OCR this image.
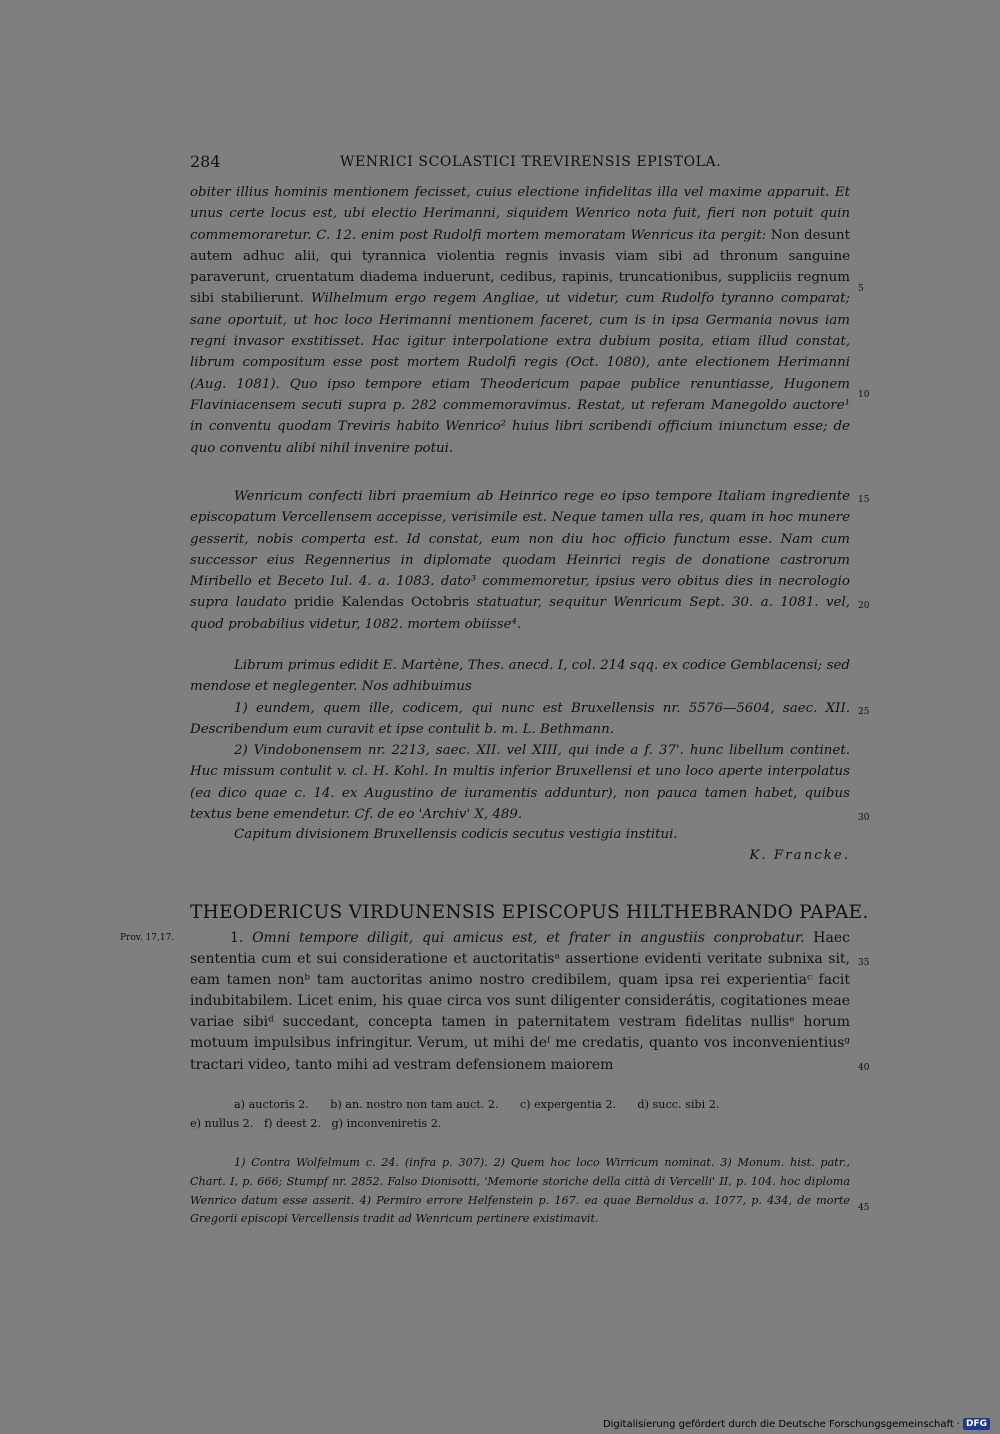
284	WENRICI SCOLASTICI TREVIRENSIS EPISTOLA.
obiter illius hominis mentionem fecisset, cuius electione infidelitas illa vel maxime apparuit. Et unus certe locus est, ubi electio Herimanni, siquidem Wenrico nota fuit, fieri non potuit quin commemoraretur. C. 12. enim post Rudolfi mortem memoratam Wenricus ita pergit: Non desunt autem adhuc alii, qui tyrannica violentia regnis invasis viam sibi ad thronum sanguine paraverunt, cruentatum diadema induerunt, cedibus, rapinis, truncationibus, suppliciis regnum sibi stabilierunt. Wilhelmum ergo regem Angliae, ut videtur, cum Rudolfo tyranno comparat; sane oportuit, ut hoc loco Herimanni mentionem faceret, cum is in ipsa Germania novus iam regni invasor exstitisset. Hac igitur interpolatione extra dubium posita, etiam illud constat, librum compositum esse post mortem Rudolfi regis (Oct. 1080), ante electionem Herimanni (Aug. 1081). Quo ipso tempore etiam Theodericum papae publice renuntiasse, Hugonem Flaviniacensem secuti supra p. 282 commemoravimus. Restat, ut referam Manegoldo auctore¹ in conventu quodam Treviris habito Wenrico² huius libri scribendi officium iniunctum esse; de quo conventu alibi nihil invenire potui.
Wenricum confecti libri praemium ab Heinrico rege eo ipso tempore Italiam ingrediente episcopatum Vercellensem accepisse, verisimile est. Neque tamen ulla res, quam in hoc munere gesserit, nobis comperta est. Id constat, eum non diu hoc officio functum esse. Nam cum successor eius Regennerius in diplomate quodam Heinrici regis de donatione castrorum Miribello et Beceto Iul. 4. a. 1083. dato³ commemoretur, ipsius vero obitus dies in necrologio supra laudato pridie Kalendas Octobris statuatur, sequitur Wenricum Sept. 30. a. 1081. vel, quod probabilius videtur, 1082. mortem obiisse⁴.
Librum primus edidit E. Martène, Thes. anecd. I, col. 214 sqq. ex codice Gemblacensi; sed mendose et neglegenter. Nos adhibuimus
1) eundem, quem ille, codicem, qui nunc est Bruxellensis nr. 5576—5604, saec. XII. Describendum eum curavit et ipse contulit b. m. L. Bethmann.
2) Vindobonensem nr. 2213, saec. XII. vel XIII, qui inde a f. 37'. hunc libellum continet. Huc missum contulit v. cl. H. Kohl. In multis inferior Bruxellensi et uno loco aperte interpolatus (ea dico quae c. 14. ex Augustino de iuramentis adduntur), non pauca tamen habet, quibus textus bene emendetur. Cf. de eo 'Archiv' X, 489.
Capitum divisionem Bruxellensis codicis secutus vestigia institui.
K. Francke.
THEODERICUS VIRDUNENSIS EPISCOPUS HILTHEBRANDO PAPAE.
Prov. 17,17.	1. Omni tempore diligit, qui amicus est, et frater in angustiis conprobatur. Haec sententia cum et sui consideratione et auctoritatisᵃ assertione evidenti veritate subnixa sit, eam tamen nonᵇ tam auctoritas animo nostro credibilem, quam ipsa rei experientiaᶜ facit indubitabilem. Licet enim, his quae circa vos sunt diligenter considerátis, cogitationes meae variae sibiᵈ succedant, concepta tamen in paternitatem vestram fidelitas nullisᵉ horum motuum impulsibus infringitur. Verum, ut mihi deᶠ me credatis, quanto vos inconvenientiusᵍ tractari video, tanto mihi ad vestram defensionem maiorem
a) auctoris 2.      b) an. nostro non tam auct. 2.      c) expergentia 2.      d) succ. sibi 2.
e) nullus 2.   f) deest 2.   g) inconveniretis 2.
1) Contra Wolfelmum c. 24. (infra p. 307). 2) Quem hoc loco Wirricum nominat. 3) Monum. hist. patr., Chart. I, p. 666; Stumpf nr. 2852. Falso Dionisotti, 'Memorie storiche della città di Vercelli' II, p. 104. hoc diploma Wenrico datum esse asserit. 4) Permiro errore Helfenstein p. 167. ea quae Bernoldus a. 1077, p. 434, de morte Gregorii episcopi Vercellensis tradit ad Wenricum pertinere existimavit.
5
10
15
20
25
30
35
40
45
Digitalisierung gefördert durch die Deutsche Forschungsgemeinschaft · DFG
